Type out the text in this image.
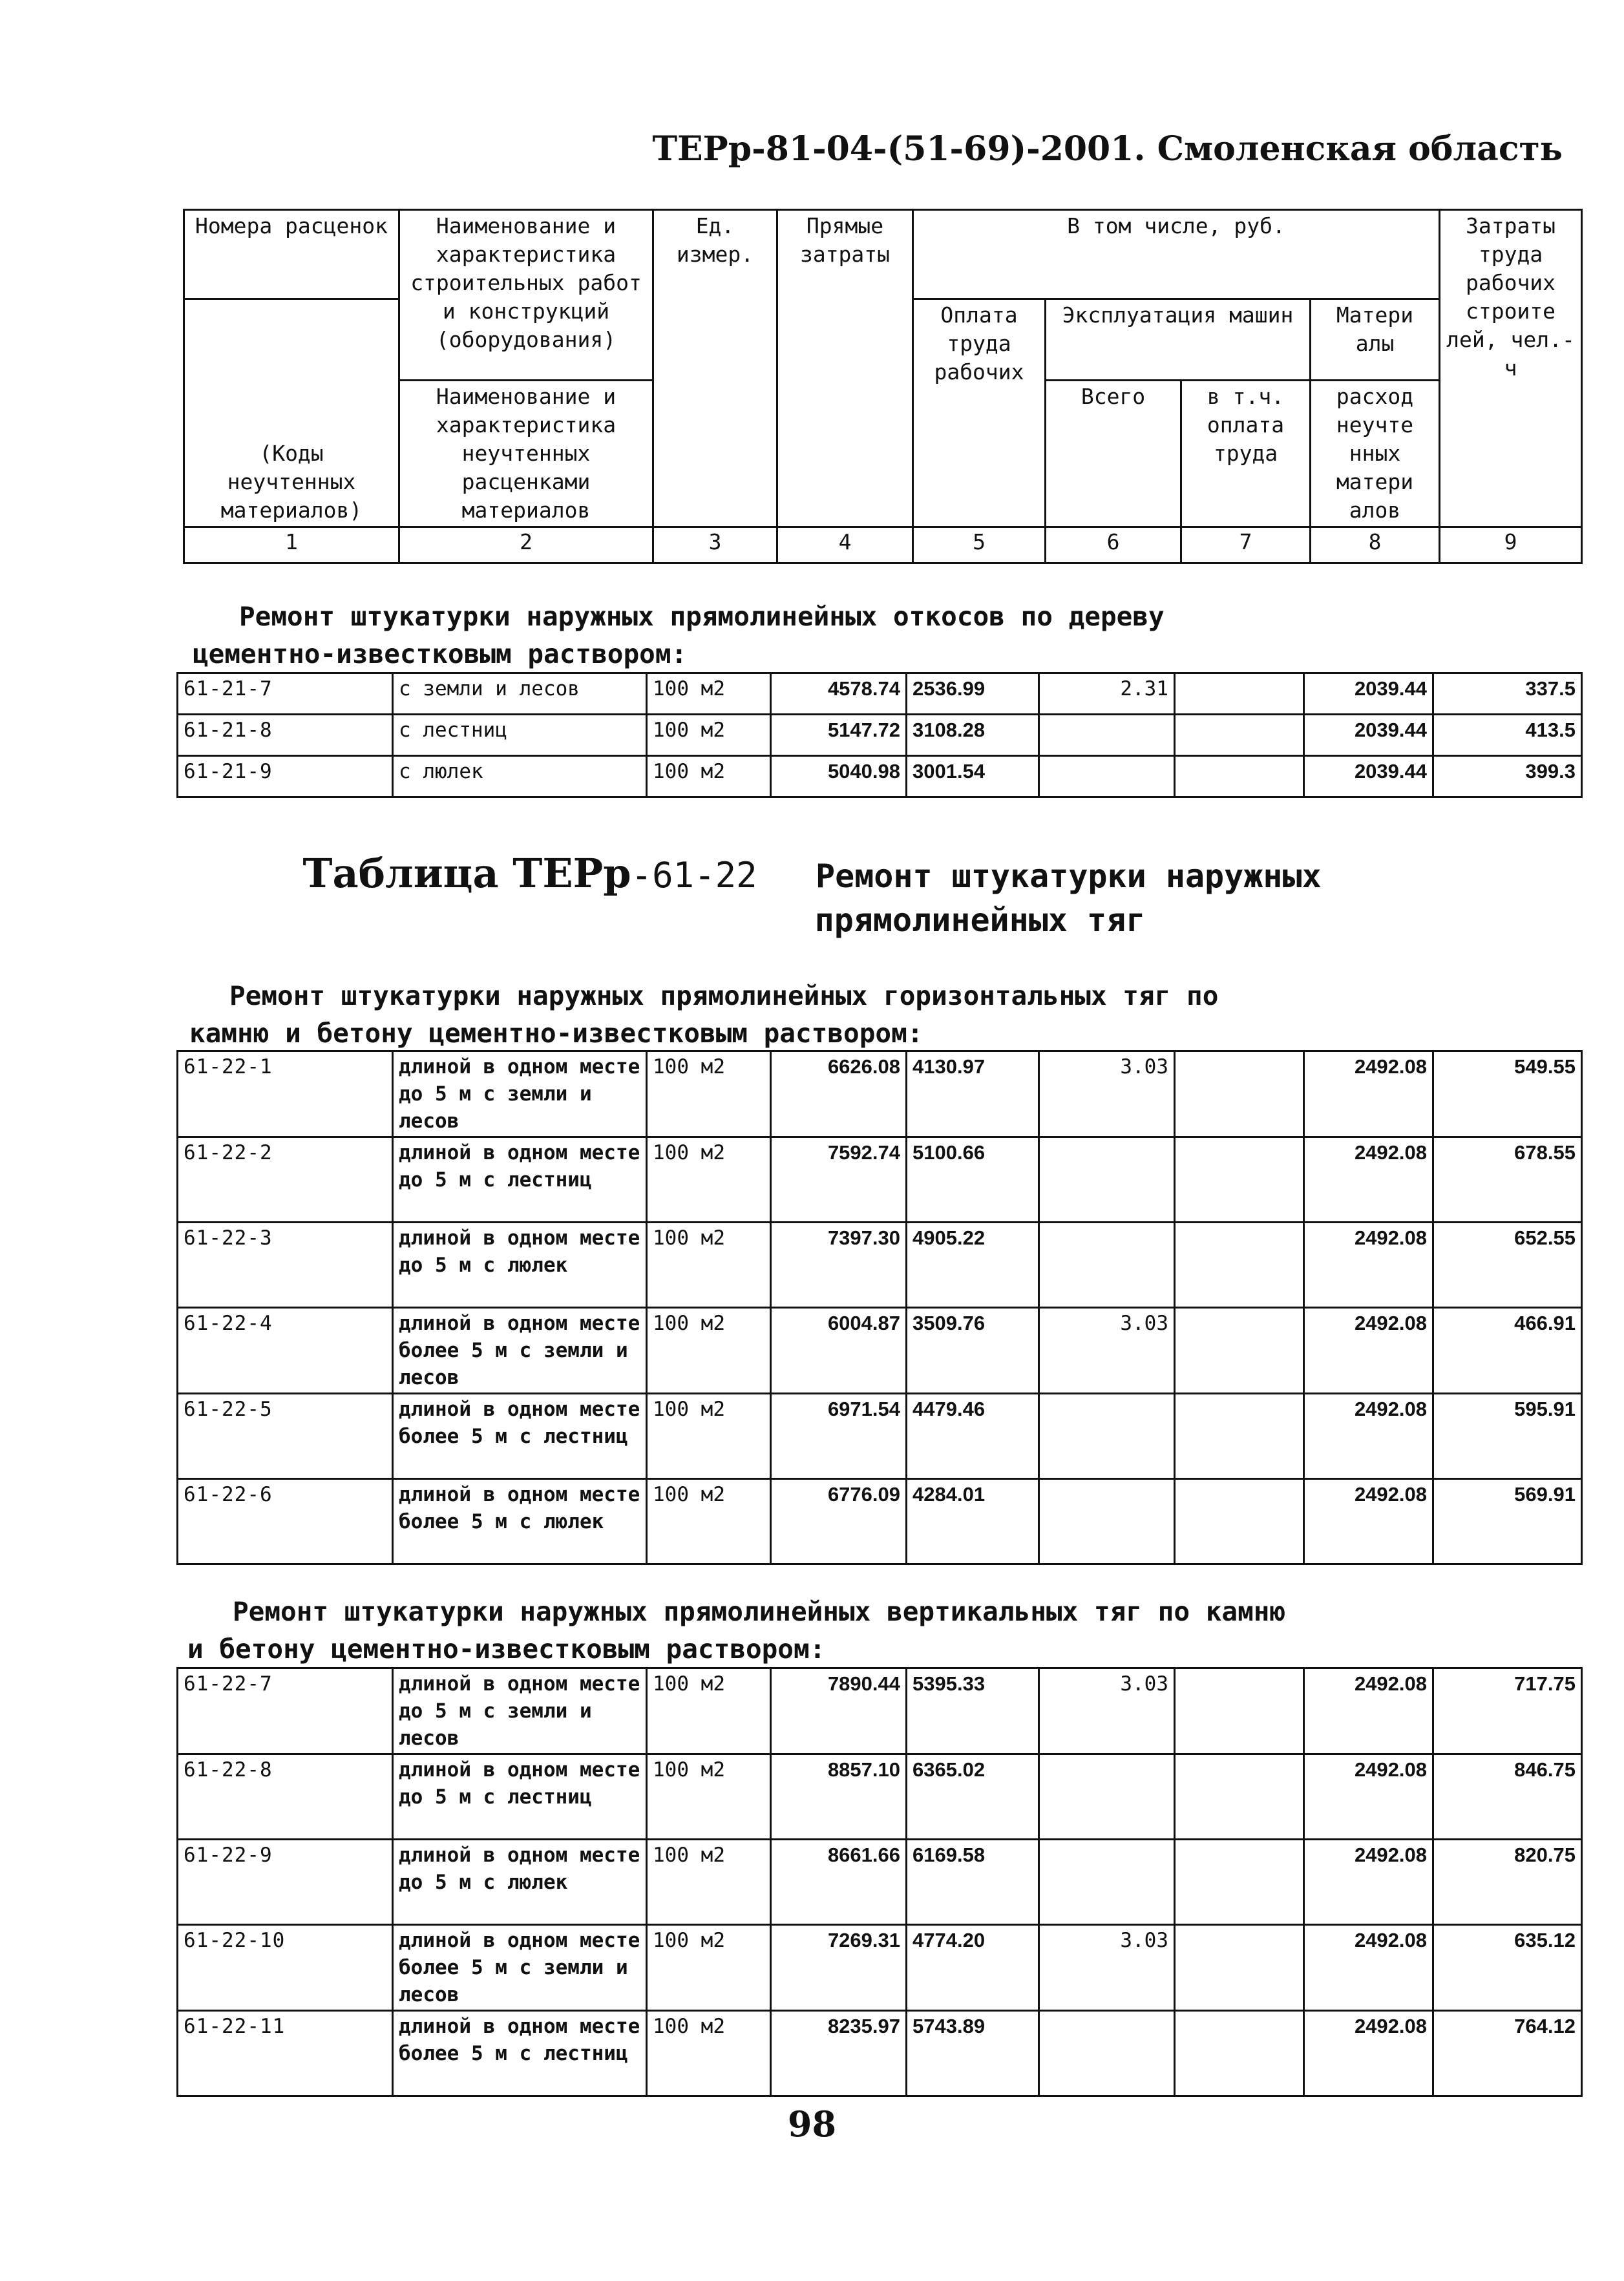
ТЕРр-81-04-(51-69)-2001. Смоленская область
Номера расценок	Наименование и характеристика строительных работ и конструкций (оборудования)	Ед. измер.	Прямые затраты	В том числе, руб.				Затраты труда рабочих строите лей, чел.-ч
(Коды неучтенных материалов)				Оплата труда рабочих	Эксплуатация машин		Матери алы	
	Наименование и характеристика неучтенных расценками материалов				Всего	в т.ч. оплата труда	расход неучте нных матери алов	
1	2	3	4	5	6	7	8	9
Ремонт штукатурки наружных прямолинейных откосов по дереву
цементно-известковым раствором:
61-21-7	с земли и лесов	100 м2	4578.74	2536.99	2.31		2039.44	337.5
61-21-8	с лестниц	100 м2	5147.72	3108.28			2039.44	413.5
61-21-9	с люлек	100 м2	5040.98	3001.54			2039.44	399.3
Таблица ТЕРр-61-22 Ремонт штукатурки наружных
прямолинейных тяг
Ремонт штукатурки наружных прямолинейных горизонтальных тяг по
камню и бетону цементно-известковым раствором:
61-22-1	длиной в одном месте до 5 м с земли и лесов	100 м2	6626.08	4130.97	3.03		2492.08	549.55
61-22-2	длиной в одном месте до 5 м с лестниц	100 м2	7592.74	5100.66			2492.08	678.55
61-22-3	длиной в одном месте до 5 м с люлек	100 м2	7397.30	4905.22			2492.08	652.55
61-22-4	длиной в одном месте более 5 м с земли и лесов	100 м2	6004.87	3509.76	3.03		2492.08	466.91
61-22-5	длиной в одном месте более 5 м с лестниц	100 м2	6971.54	4479.46			2492.08	595.91
61-22-6	длиной в одном месте более 5 м с люлек	100 м2	6776.09	4284.01			2492.08	569.91
Ремонт штукатурки наружных прямолинейных вертикальных тяг по камню
и бетону цементно-известковым раствором:
61-22-7	длиной в одном месте до 5 м с земли и лесов	100 м2	7890.44	5395.33	3.03		2492.08	717.75
61-22-8	длиной в одном месте до 5 м с лестниц	100 м2	8857.10	6365.02			2492.08	846.75
61-22-9	длиной в одном месте до 5 м с люлек	100 м2	8661.66	6169.58			2492.08	820.75
61-22-10	длиной в одном месте более 5 м с земли и лесов	100 м2	7269.31	4774.20	3.03		2492.08	635.12
61-22-11	длиной в одном месте более 5 м с лестниц	100 м2	8235.97	5743.89			2492.08	764.12
98
